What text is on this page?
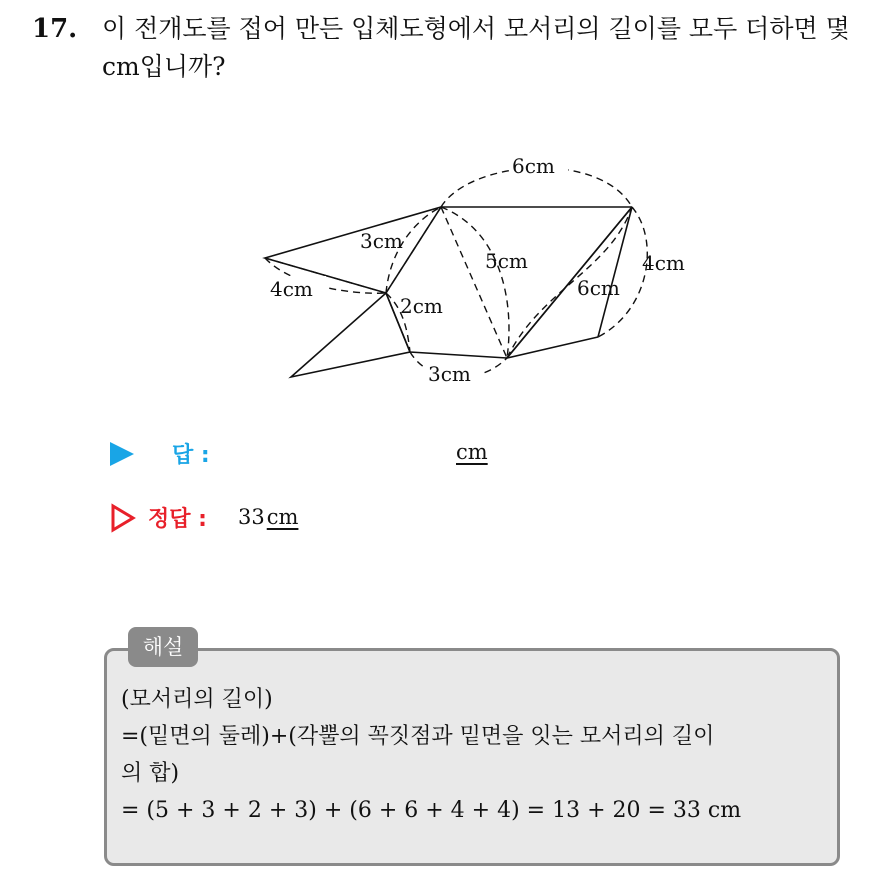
17. 이 전개도를 접어 만든 입체도형에서 모서리의 길이를 모두 더하면 몇 cm입니까?
6cm
3cm
4cm
5cm
2cm
6cm
4cm
3cm
답 :	cm
정답 : 33cm
해설
(모서리의 길이)
=(밑면의 둘레)+(각뿔의 꼭짓점과 밑면을 잇는 모서리의 길이
의 합)
= (5 + 3 + 2 + 3) + (6 + 6 + 4 + 4) = 13 + 20 = 33 cm
